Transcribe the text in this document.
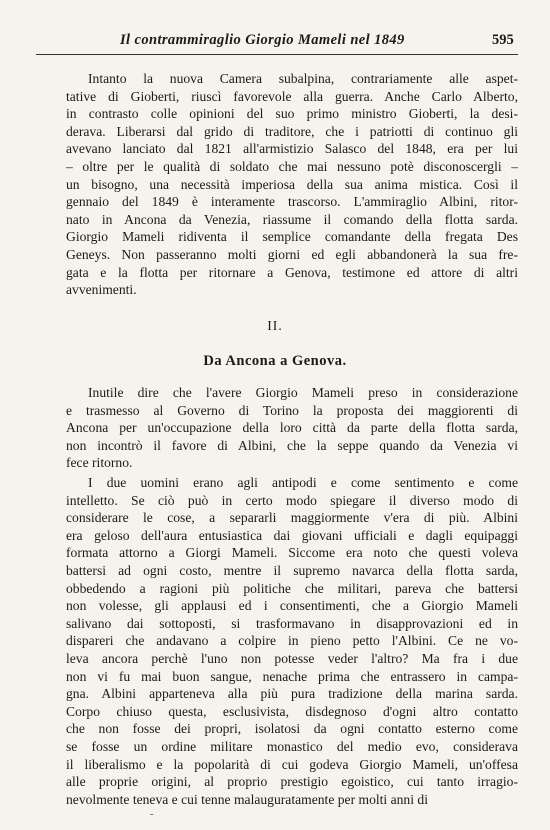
Il contrammiraglio Giorgio Mameli nel 1849	595
Intanto la nuova Camera subalpina, contrariamente alle aspet-
tative di Gioberti, riuscì favorevole alla guerra. Anche Carlo Alberto,
in contrasto colle opinioni del suo primo ministro Gioberti, la desi-
derava. Liberarsi dal grido di traditore, che i patriotti di continuo gli
avevano lanciato dal 1821 all'armistizio Salasco del 1848, era per lui
– oltre per le qualità di soldato che mai nessuno potè disconoscergli –
un bisogno, una necessità imperiosa della sua anima mistica. Così il
gennaio del 1849 è interamente trascorso. L'ammiraglio Albini, ritor-
nato in Ancona da Venezia, riassume il comando della flotta sarda.
Giorgio Mameli ridiventa il semplice comandante della fregata Des
Geneys. Non passeranno molti giorni ed egli abbandonerà la sua fre-
gata e la flotta per ritornare a Genova, testimone ed attore di altri
avvenimenti.
II.
Da Ancona a Genova.
Inutile dire che l'avere Giorgio Mameli preso in considerazione
e trasmesso al Governo di Torino la proposta dei maggiorenti di
Ancona per un'occupazione della loro città da parte della flotta sarda,
non incontrò il favore di Albini, che la seppe quando da Venezia vi
fece ritorno.
I due uomini erano agli antipodi e come sentimento e come
intelletto. Se ciò può in certo modo spiegare il diverso modo di
considerare le cose, a separarli maggiormente v'era di più. Albini
era geloso dell'aura entusiastica dai giovani ufficiali e dagli equipaggi
formata attorno a Giorgi Mameli. Siccome era noto che questi voleva
battersi ad ogni costo, mentre il supremo navarca della flotta sarda,
obbedendo a ragioni più politiche che militari, pareva che battersi
non volesse, gli applausi ed i consentimenti, che a Giorgio Mameli
salivano dai sottoposti, si trasformavano in disapprovazioni ed in
dispareri che andavano a colpire in pieno petto l'Albini. Ce ne vo-
leva ancora perchè l'uno non potesse veder l'altro? Ma fra i due
non vi fu mai buon sangue, nenache prima che entrassero in campa-
gna. Albini apparteneva alla più pura tradizione della marina sarda.
Corpo chiuso questa, esclusivista, disdegnoso d'ogni altro contatto
che non fosse dei propri, isolatosi da ogni contatto esterno come
se fosse un ordine militare monastico del medio evo, considerava
il liberalismo e la popolarità di cui godeva Giorgio Mameli, un'offesa
alle proprie origini, al proprio prestigio egoistico, cui tanto irragio-
nevolmente teneva e cui tenne malauguratamente per molti anni di
-
